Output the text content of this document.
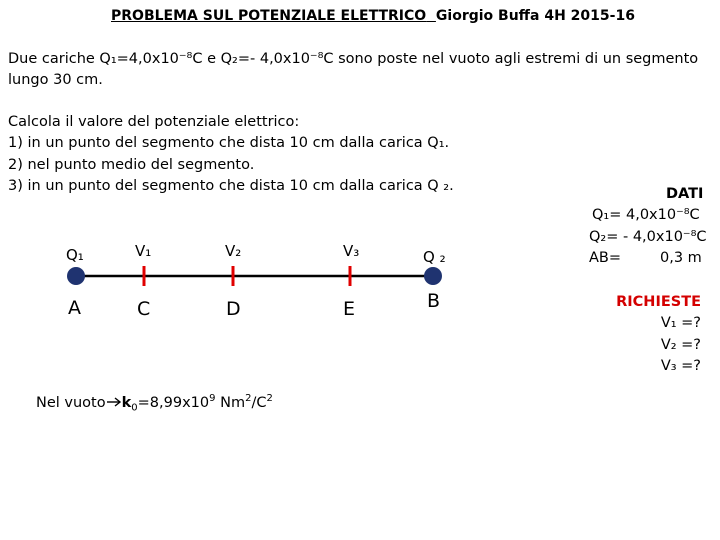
PROBLEMA SUL POTENZIALE ELETTRICO Giorgio Buffa 4H 2015-16
Due cariche Q₁=4,0x10⁻⁸C e Q₂=- 4,0x10⁻⁸C sono poste nel vuoto agli estremi di un segmento
lungo 30 cm.
Calcola il valore del potenziale elettrico:
1) in un punto del segmento che dista 10 cm dalla carica Q₁.
2) nel punto medio del segmento.
3) in un punto del segmento che dista 10 cm dalla carica Q ₂.
Q₁	V₁	V₂	V₃	Q ₂
A	C	D	E	B
Nel vuoto $k_0=8,99x10^9$ $Nm^2/C^2$
DATI
Q₁= 4,0x10⁻⁸C
Q₂= - 4,0x10⁻⁸C
AB=	0,3 m
RICHIESTE
V₁ =?
V₂ =?
V₃ =?
